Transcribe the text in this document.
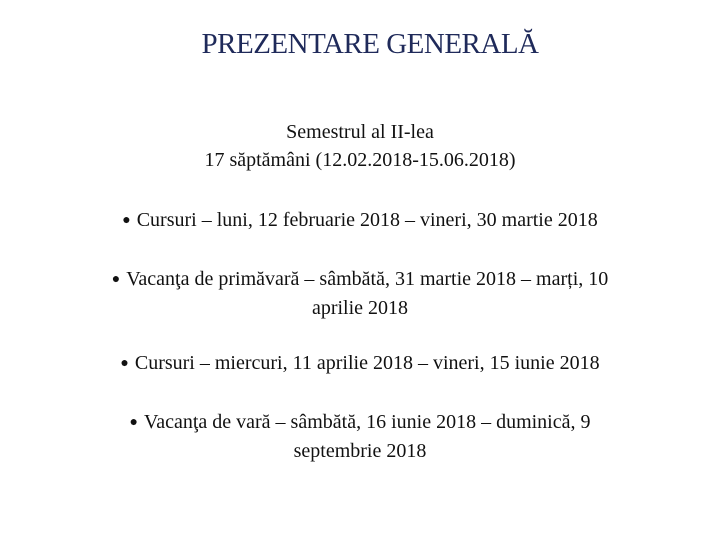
PREZENTARE GENERALĂ
Semestrul al II-lea
17 săptămâni (12.02.2018-15.06.2018)
● Cursuri – luni, 12 februarie 2018 – vineri, 30 martie 2018
● Vacanţa de primăvară – sâmbătă, 31 martie 2018 – marți, 10
aprilie 2018
● Cursuri – miercuri, 11 aprilie 2018 – vineri, 15 iunie 2018
● Vacanţa de vară – sâmbătă, 16 iunie 2018 – duminică, 9
septembrie 2018
